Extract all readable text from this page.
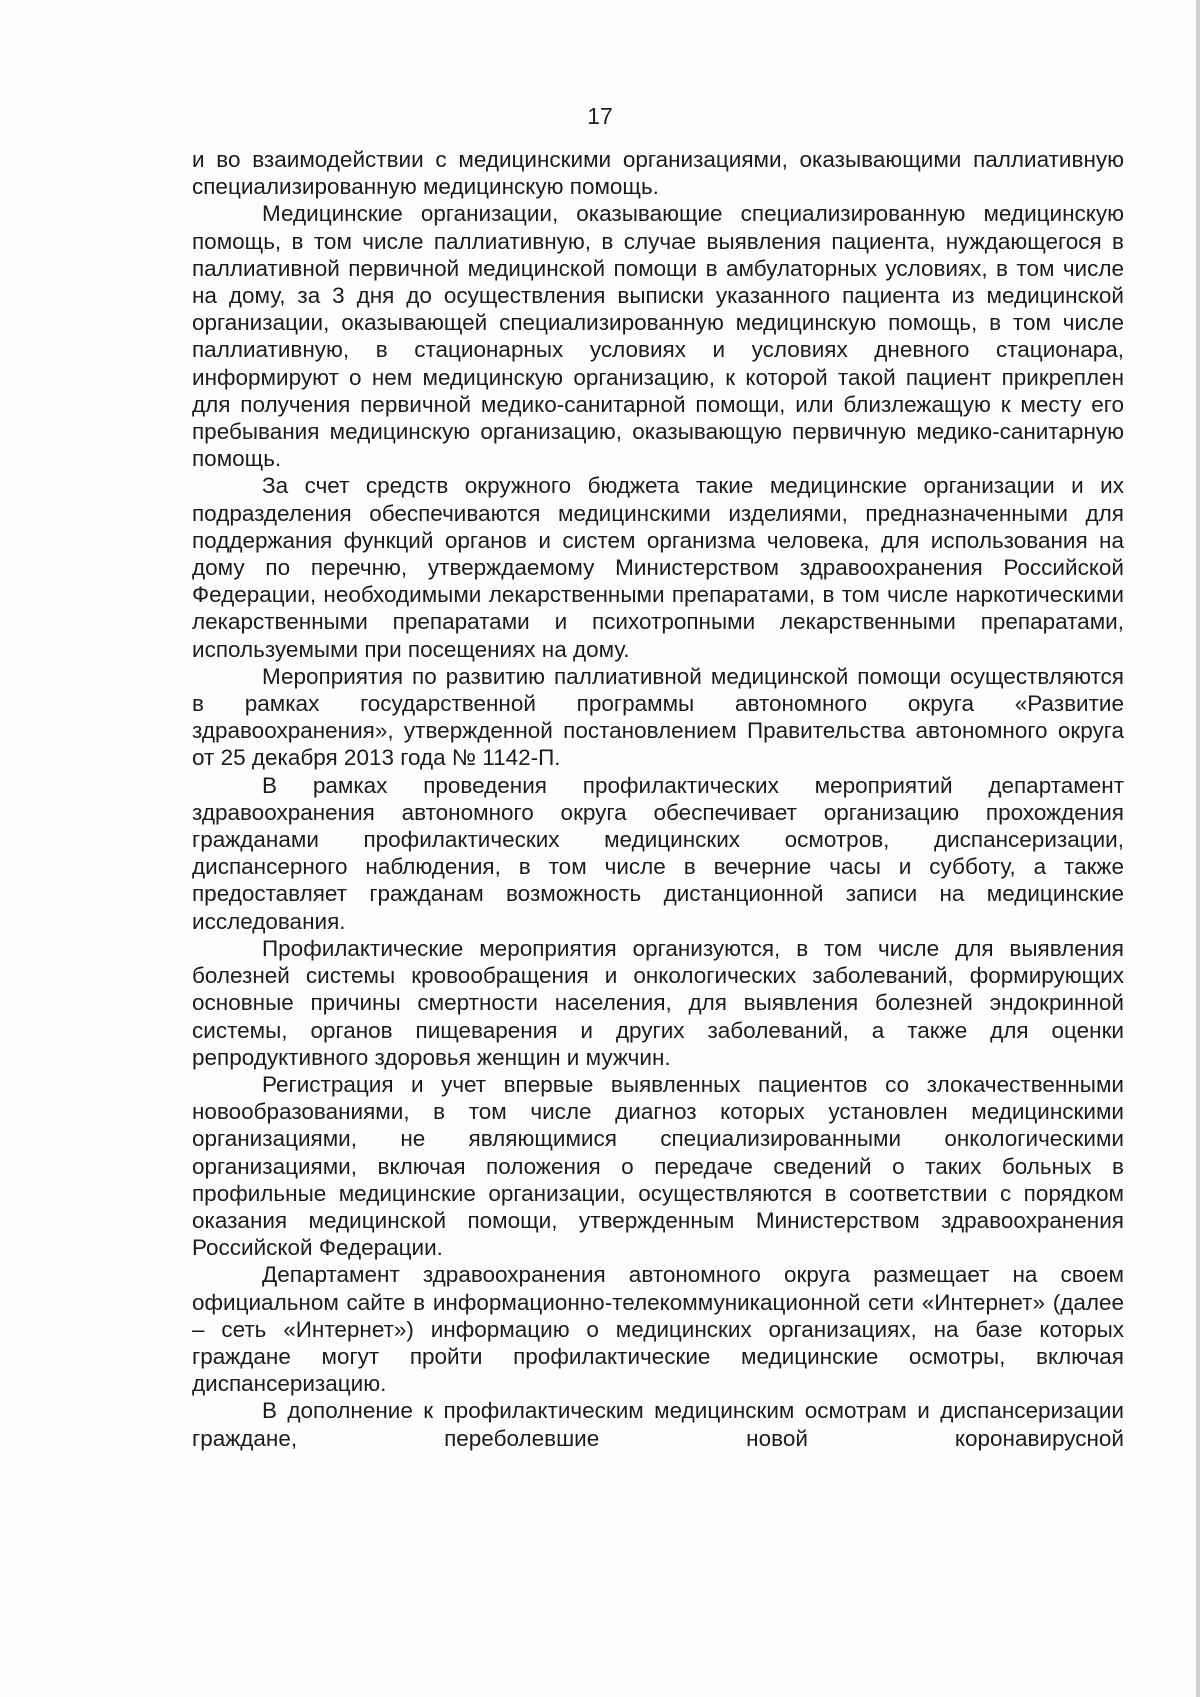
17

и во взаимодействии с медицинскими организациями, оказывающими паллиативную специализированную медицинскую помощь.

Медицинские организации, оказывающие специализированную медицинскую помощь, в том числе паллиативную, в случае выявления пациента, нуждающегося в паллиативной первичной медицинской помощи в амбулаторных условиях, в том числе на дому, за 3 дня до осуществления выписки указанного пациента из медицинской организации, оказывающей специализированную медицинскую помощь, в том числе паллиативную, в стационарных условиях и условиях дневного стационара, информируют о нем медицинскую организацию, к которой такой пациент прикреплен для получения первичной медико-санитарной помощи, или близлежащую к месту его пребывания медицинскую организацию, оказывающую первичную медико-санитарную помощь.

За счет средств окружного бюджета такие медицинские организации и их подразделения обеспечиваются медицинскими изделиями, предназначенными для поддержания функций органов и систем организма человека, для использования на дому по перечню, утверждаемому Министерством здравоохранения Российской Федерации, необходимыми лекарственными препаратами, в том числе наркотическими лекарственными препаратами и психотропными лекарственными препаратами, используемыми при посещениях на дому.

Мероприятия по развитию паллиативной медицинской помощи осуществляются в рамках государственной программы автономного округа «Развитие здравоохранения», утвержденной постановлением Правительства автономного округа от 25 декабря 2013 года № 1142-П.

В рамках проведения профилактических мероприятий департамент здравоохранения автономного округа обеспечивает организацию прохождения гражданами профилактических медицинских осмотров, диспансеризации, диспансерного наблюдения, в том числе в вечерние часы и субботу, а также предоставляет гражданам возможность дистанционной записи на медицинские исследования.

Профилактические мероприятия организуются, в том числе для выявления болезней системы кровообращения и онкологических заболеваний, формирующих основные причины смертности населения, для выявления болезней эндокринной системы, органов пищеварения и других заболеваний, а также для оценки репродуктивного здоровья женщин и мужчин.

Регистрация и учет впервые выявленных пациентов со злокачественными новообразованиями, в том числе диагноз которых установлен медицинскими организациями, не являющимися специализированными онкологическими организациями, включая положения о передаче сведений о таких больных в профильные медицинские организации, осуществляются в соответствии с порядком оказания медицинской помощи, утвержденным Министерством здравоохранения Российской Федерации.

Департамент здравоохранения автономного округа размещает на своем официальном сайте в информационно-телекоммуникационной сети «Интернет» (далее – сеть «Интернет») информацию о медицинских организациях, на базе которых граждане могут пройти профилактические медицинские осмотры, включая диспансеризацию.

В дополнение к профилактическим медицинским осмотрам и диспансеризации граждане, переболевшие новой коронавирусной
